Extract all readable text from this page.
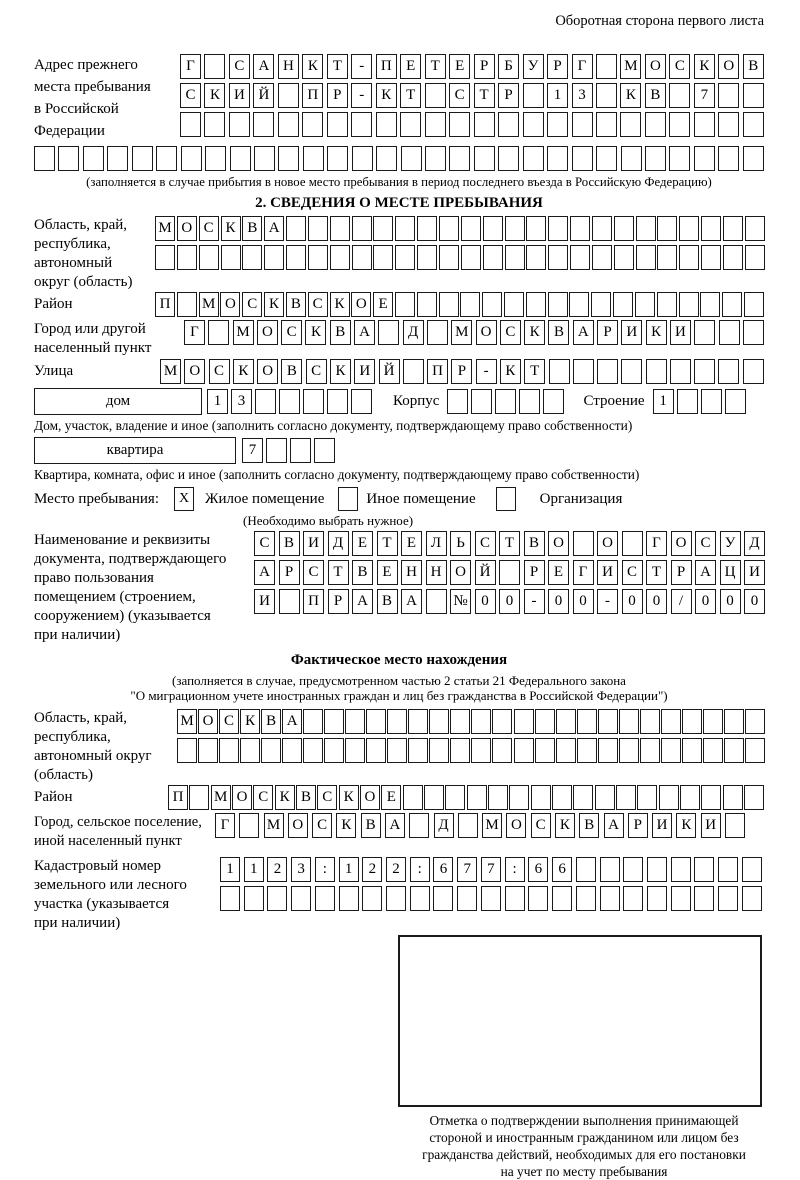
Оборотная сторона первого листа
Адрес прежнего
места пребывания
в Российской
Федерации
Г	С А Н К Т	-	П Е	Т	Е	Р	Б У Р	Г	М О С К О В
С К И Й	П Р	-	К Т	С Т	Р	1	3	К В	7
(заполняется в случае прибытия в новое место пребывания в период последнего въезда в Российскую Федерацию)
2. СВЕДЕНИЯ О МЕСТЕ ПРЕБЫВАНИЯ
Область, край,
республика,
автономный
округ (область)
М О С К В А
Район	П	М О С К В С К О Е
Город или другой
населенный пункт
Г	М О С К В А	Д	М О С К В А Р И К И
Улица	М О С К О В С К И Й	П Р	-	К Т
дом	1	3	Корпус	Строение 1
Дом, участок, владение и иное (заполнить согласно документу, подтверждающему право собственности)
квартира	7
Квартира, комната, офис и иное (заполнить согласно документу, подтверждающему право собственности)
Место пребывания:	X	Жилое помещение	Иное помещение	Организация
(Необходимо выбрать нужное)
Наименование и реквизиты
документа, подтверждающего
право пользования
помещением (строением,
сооружением) (указывается
при наличии)
С В И Д Е	Т	Е Л	Ь	С Т В О	О	Г О С У Д
А Р	С Т В Е Н Н О Й	Р	Е	Г И С Т	Р А Ц И
И	П Р А В А	№ 0	0	-	0	0	-	0	0	/	0	0	0
Фактическое место нахождения
(заполняется в случае, предусмотренном частью 2 статьи 21 Федерального закона
"О миграционном учете иностранных граждан и лиц без гражданства в Российской Федерации")
Область, край,
республика,
автономный округ
(область)
М О С К В А
Район	П	М О С К В С К О Е
Город, сельское поселение,
иной населенный пункт
Г	М О С К В А	Д	М О С К В А Р И К И
Кадастровый номер
земельного или лесного
участка (указывается
при наличии)
1	1	2	3	:	1	2	2	:	6	7	7	:	6	6
Отметка о подтверждении выполнения принимающей
стороной и иностранным гражданином или лицом без
гражданства действий, необходимых для его постановки
на учет по месту пребывания
